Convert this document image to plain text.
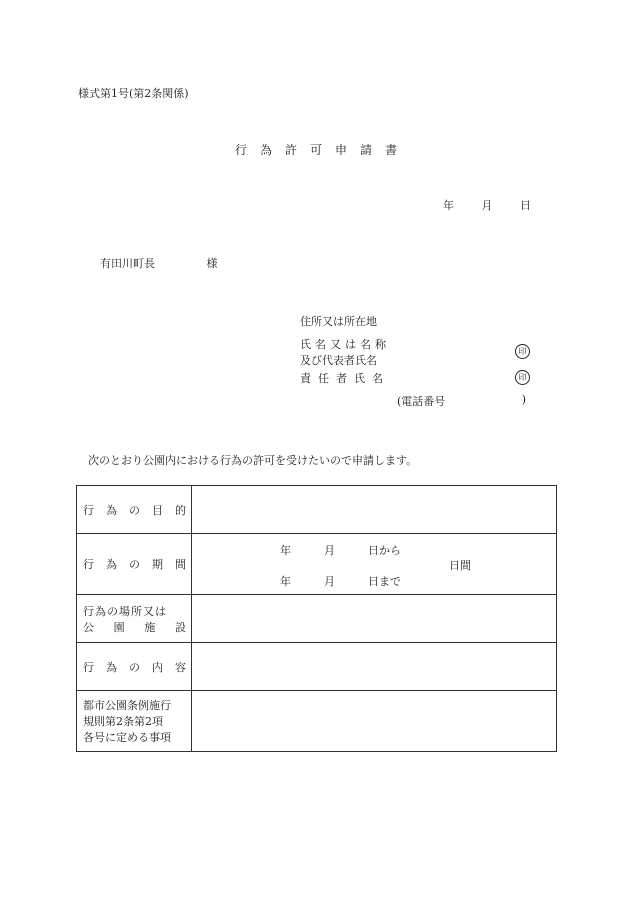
様式第1号(第2条関係)
行為許可申請書
年	月	日
有田川町長	様
住所又は所在地
氏名又は名称
及び代表者氏名
印
責任者氏名	印
(電話番号	)
次のとおり公園内における行為の許可を受けたいので申請します。
行 為 の 目 的	

行 為 の 期 間	年　　　月　　　日から
日間
年　　　月　　　日まで

行為の場所又は
公 園 施 設	

行 為 の 内 容	

都市公園条例施行
規則第2条第2項
各号に定める事項	
